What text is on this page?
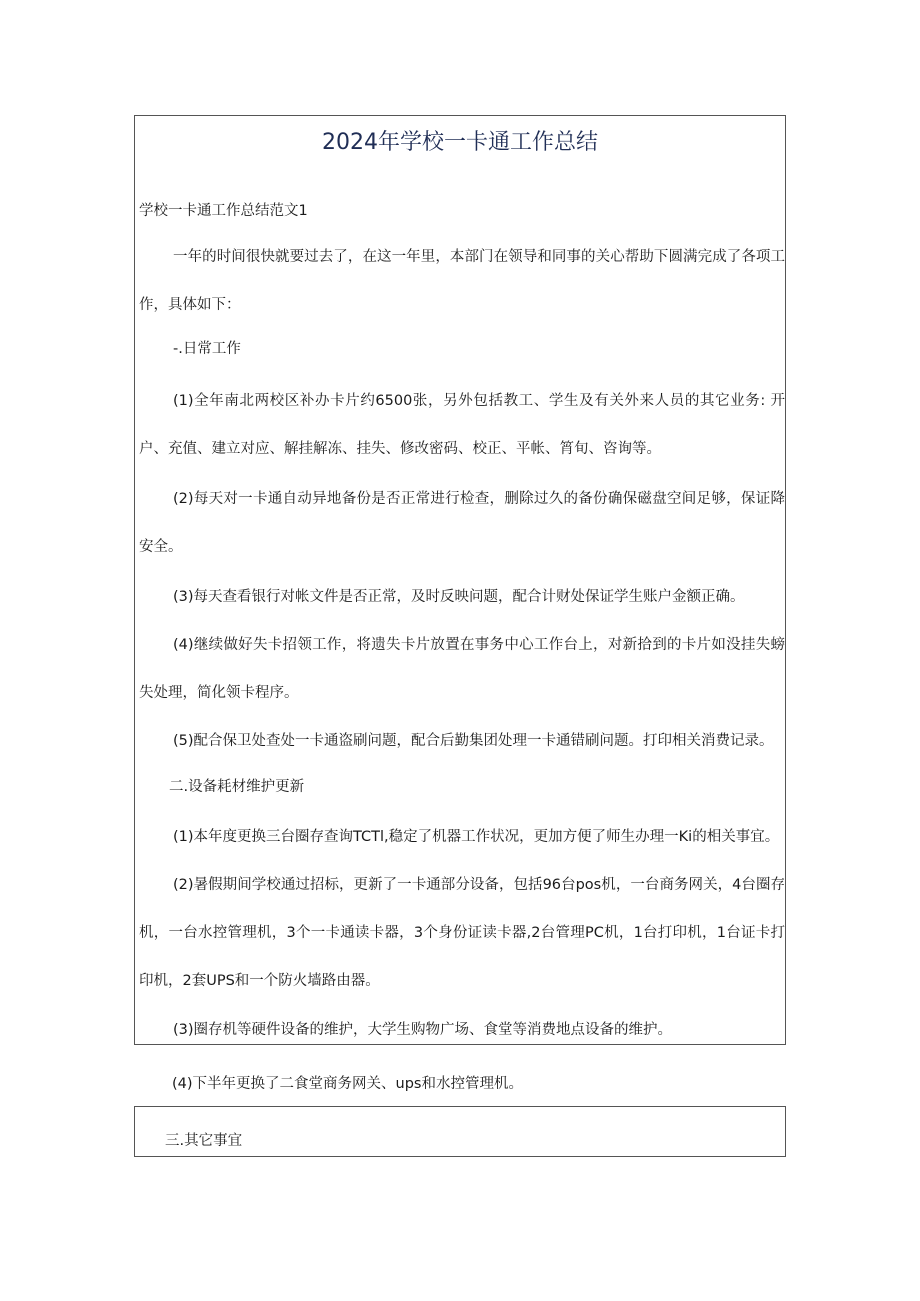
2024年学校一卡通工作总结

学校一卡通工作总结范文1

一年的时间很快就要过去了，在这一年里，本部门在领导和同事的关心帮助下圆满完成了各项工作，具体如下：

-.日常工作

(1)全年南北两校区补办卡片约6500张，另外包括教工、学生及有关外来人员的其它业务: 开户、充值、建立对应、解挂解冻、挂失、修改密码、校正、平帐、筲旬、咨询等。

(2)每天对一卡通自动异地备份是否正常进行检查，删除过久的备份确保磁盘空间足够，保证降安全。

(3)每天查看银行对帐文件是否正常，及时反映问题，配合计财处保证学生账户金额正确。

(4)继续做好失卡招领工作，将遗失卡片放置在事务中心工作台上，对新拾到的卡片如没挂失螃失处理，简化领卡程序。

(5)配合保卫处查处一卡通盗刷问题，配合后勤集团处理一卡通错刷问题。打印相关消费记录。

二.设备耗材维护更新

(1)本年度更换三台圈存查询TCTl,稳定了机器工作状况，更加方便了师生办理一Ki的相关事宜。

(2)暑假期间学校通过招标，更新了一卡通部分设备，包括96台pos机，一台商务网关，4台圈存机，一台水控管理机，3个一卡通读卡器，3个身份证读卡器,2台管理PC机，1台打印机，1台证卡打印机，2套UPS和一个防火墙路由器。

(3)圈存机等硬件设备的维护，大学生购物广场、食堂等消费地点设备的维护。

(4)下半年更换了二食堂商务网关、ups和水控管理机。

三.其它事宜
